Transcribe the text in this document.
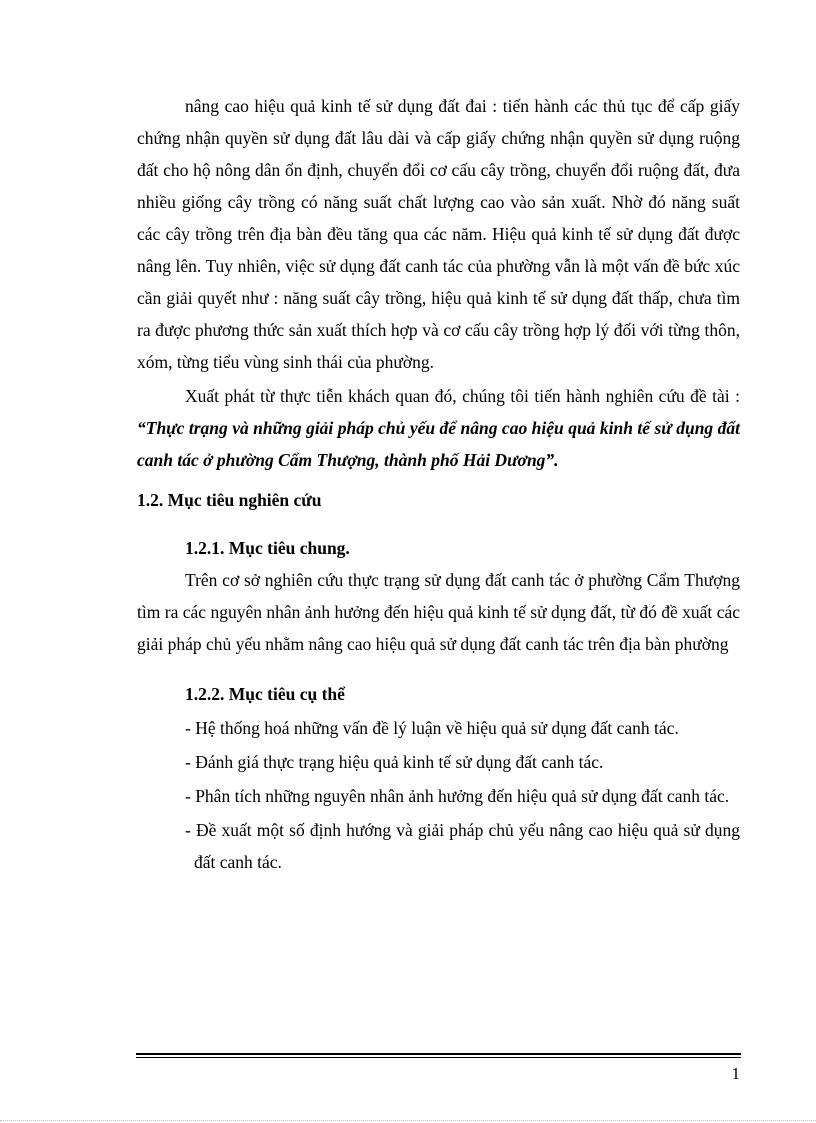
nâng cao hiệu quả kinh tế sử dụng đất đai : tiến hành các thủ tục để cấp giấy chứng nhận quyền sử dụng đất lâu dài và cấp giấy chứng nhận quyền sử dụng ruộng đất cho hộ nông dân ổn định, chuyển đổi cơ cấu cây trồng, chuyển đổi ruộng đất, đưa nhiều giống cây trồng có năng suất chất lượng cao vào sản xuất. Nhờ đó năng suất các cây trồng trên địa bàn đều tăng qua các năm. Hiệu quả kinh tế sử dụng đất được nâng lên. Tuy nhiên, việc sử dụng đất canh tác của phường vẫn là một vấn đề bức xúc cần giải quyết như : năng suất cây trồng, hiệu quả kinh tế sử dụng đất thấp, chưa tìm ra được phương thức sản xuất thích hợp và cơ cấu cây trồng hợp lý đối với từng thôn, xóm, từng tiểu vùng sinh thái của phường.

Xuất phát từ thực tiễn khách quan đó, chúng tôi tiến hành nghiên cứu đề tài : “Thực trạng và những giải pháp chủ yếu để nâng cao hiệu quả kinh tế sử dụng đất canh tác ở phường Cẩm Thượng, thành phố Hải Dương”.

1.2. Mục tiêu nghiên cứu
1.2.1. Mục tiêu chung.

Trên cơ sở nghiên cứu thực trạng sử dụng đất canh tác ở phường Cẩm Thượng tìm ra các nguyên nhân ảnh hưởng đến hiệu quả kinh tế sử dụng đất, từ đó đề xuất các giải pháp chủ yếu nhằm nâng cao hiệu quả sử dụng đất canh tác trên địa bàn phường

1.2.2. Mục tiêu cụ thể
- Hệ thống hoá những vấn đề lý luận về hiệu quả sử dụng đất canh tác.
- Đánh giá thực trạng hiệu quả kinh tế sử dụng đất canh tác.
- Phân tích những nguyên nhân ảnh hưởng đến hiệu quả sử dụng đất canh tác.
- Đề xuất một số định hướng và giải pháp chủ yếu nâng cao hiệu quả sử dụng đất canh tác.
1
